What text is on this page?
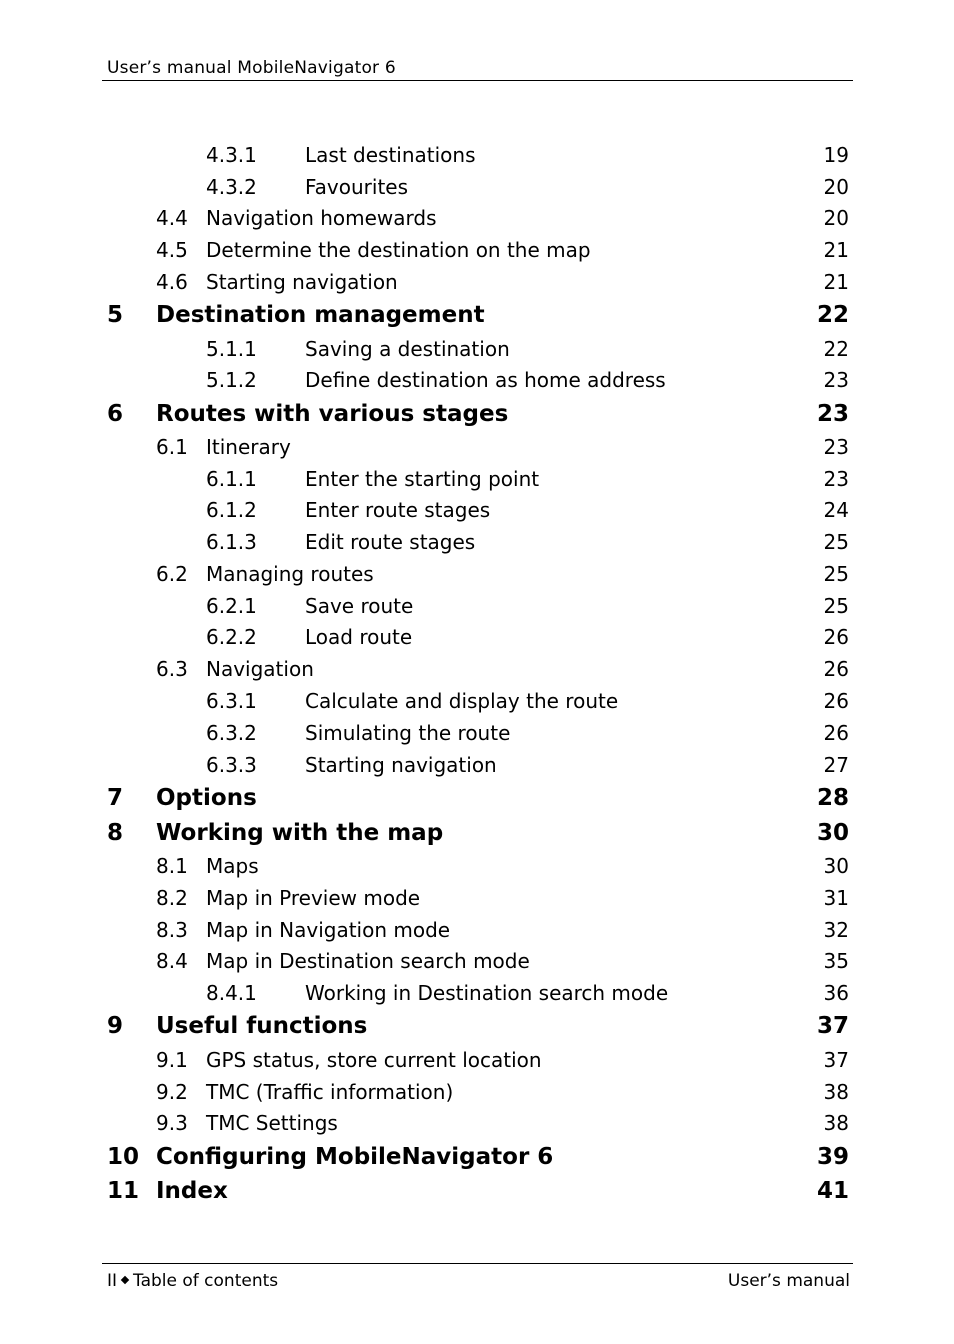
User’s manual MobileNavigator 6
4.3.1 Last destinations	19
4.3.2 Favourites	20
4.4 Navigation homewards	20
4.5 Determine the destination on the map	21
4.6 Starting navigation	21
5 Destination management	22
5.1.1 Saving a destination	22
5.1.2 Define destination as home address	23
6 Routes with various stages	23
6.1 Itinerary	23
6.1.1 Enter the starting point	23
6.1.2 Enter route stages	24
6.1.3 Edit route stages	25
6.2 Managing routes	25
6.2.1 Save route	25
6.2.2 Load route	26
6.3 Navigation	26
6.3.1 Calculate and display the route	26
6.3.2 Simulating the route	26
6.3.3 Starting navigation	27
7 Options	28
8 Working with the map	30
8.1 Maps	30
8.2 Map in Preview mode	31
8.3 Map in Navigation mode	32
8.4 Map in Destination search mode	35
8.4.1 Working in Destination search mode	36
9 Useful functions	37
9.1 GPS status, store current location	37
9.2 TMC (Traffic information)	38
9.3 TMC Settings	38
10 Configuring MobileNavigator 6	39
11 Index	41
II Table of contents	User’s manual
